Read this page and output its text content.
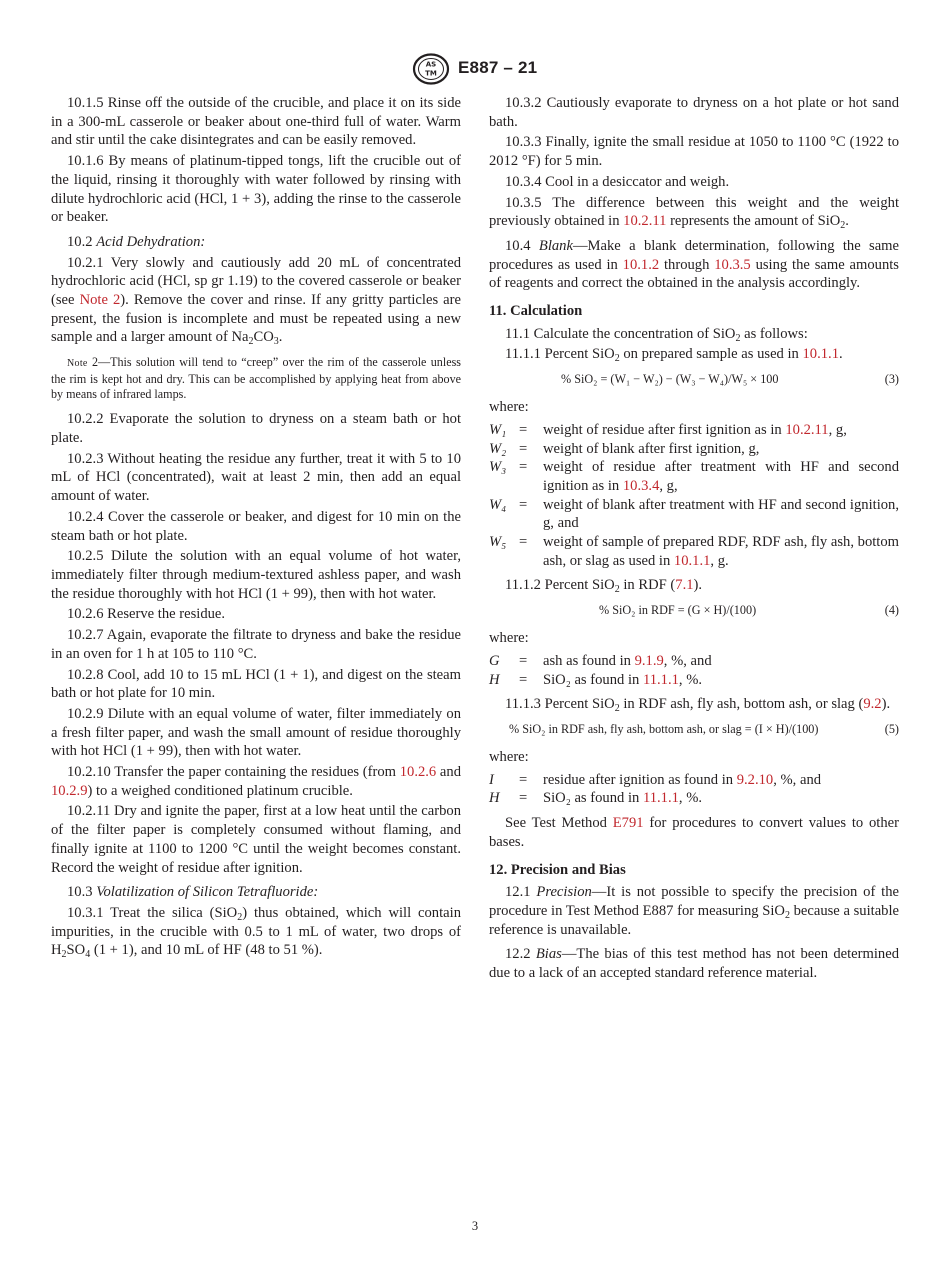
AS
TM E887 – 21

10.1.5 Rinse off the outside of the crucible, and place it on its side in a 300-mL casserole or beaker about one-third full of water. Warm and stir until the cake disintegrates and can be easily removed.

10.1.6 By means of platinum-tipped tongs, lift the crucible out of the liquid, rinsing it thoroughly with water followed by rinsing with dilute hydrochloric acid (HCl, 1 + 3), adding the rinse to the casserole or beaker.

10.2 Acid Dehydration:

10.2.1 Very slowly and cautiously add 20 mL of concentrated hydrochloric acid (HCl, sp gr 1.19) to the covered casserole or beaker (see Note 2). Remove the cover and rinse. If any gritty particles are present, the fusion is incomplete and must be repeated using a new sample and a larger amount of $Na_2CO_3$.

Note 2—This solution will tend to “creep” over the rim of the casserole unless the rim is kept hot and dry. This can be accomplished by applying heat from above by means of infrared lamps.

10.2.2 Evaporate the solution to dryness on a steam bath or hot plate.

10.2.3 Without heating the residue any further, treat it with 5 to 10 mL of HCl (concentrated), wait at least 2 min, then add an equal amount of water.

10.2.4 Cover the casserole or beaker, and digest for 10 min on the steam bath or hot plate.

10.2.5 Dilute the solution with an equal volume of hot water, immediately filter through medium-textured ashless paper, and wash the residue thoroughly with hot HCl (1 + 99), then with hot water.

10.2.6 Reserve the residue.

10.2.7 Again, evaporate the filtrate to dryness and bake the residue in an oven for 1 h at 105 to 110 °C.

10.2.8 Cool, add 10 to 15 mL HCl (1 + 1), and digest on the steam bath or hot plate for 10 min.

10.2.9 Dilute with an equal volume of water, filter immediately on a fresh filter paper, and wash the small amount of residue thoroughly with hot HCl (1 + 99), then with hot water.

10.2.10 Transfer the paper containing the residues (from 10.2.6 and 10.2.9) to a weighed conditioned platinum crucible.

10.2.11 Dry and ignite the paper, first at a low heat until the carbon of the filter paper is completely consumed without flaming, and finally ignite at 1100 to 1200 °C until the weight becomes constant. Record the weight of residue after ignition.

10.3 Volatilization of Silicon Tetrafluoride:

10.3.1 Treat the silica (SiO$_2$) thus obtained, which will contain impurities, in the crucible with 0.5 to 1 mL of water, two drops of $H_2SO_4$ (1 + 1), and 10 mL of HF (48 to 51 %).

10.3.2 Cautiously evaporate to dryness on a hot plate or hot sand bath.

10.3.3 Finally, ignite the small residue at 1050 to 1100 °C (1922 to 2012 °F) for 5 min.

10.3.4 Cool in a desiccator and weigh.

10.3.5 The difference between this weight and the weight previously obtained in 10.2.11 represents the amount of SiO$_2$.

10.4 Blank—Make a blank determination, following the same procedures as used in 10.1.2 through 10.3.5 using the same amounts of reagents and correct the obtained in the analysis accordingly.

11. Calculation

11.1 Calculate the concentration of SiO$_2$ as follows:

11.1.1 Percent SiO$_2$ on prepared sample as used in 10.1.1.

% SiO₂ = (W₁ − W₂) − (W₃ − W₄)/W₅ × 100	(3)

where:

W₁ =	weight of residue after first ignition as in 10.2.11, g,
W₂ =	weight of blank after first ignition, g,
W₃ =	weight of residue after treatment with HF and second ignition as in 10.3.4, g,
W₄ =	weight of blank after treatment with HF and second ignition, g, and
W₅ =	weight of sample of prepared RDF, RDF ash, fly ash, bottom ash, or slag as used in 10.1.1, g.

11.1.2 Percent SiO$_2$ in RDF (7.1).

% SiO₂ in RDF = (G × H)/(100)	(4)

where:

G	=	ash as found in 9.1.9, %, and
H	=	SiO₂ as found in 11.1.1, %.

11.1.3 Percent SiO$_2$ in RDF ash, fly ash, bottom ash, or slag (9.2).

% SiO₂ in RDF ash, fly ash, bottom ash, or slag = (I × H)/(100)	(5)

where:

I	=	residue after ignition as found in 9.2.10, %, and
H	=	SiO₂ as found in 11.1.1, %.

See Test Method E791 for procedures to convert values to other bases.

12. Precision and Bias

12.1 Precision—It is not possible to specify the precision of the procedure in Test Method E887 for measuring SiO$_2$ because a suitable reference is unavailable.

12.2 Bias—The bias of this test method has not been determined due to a lack of an accepted standard reference material.

3
